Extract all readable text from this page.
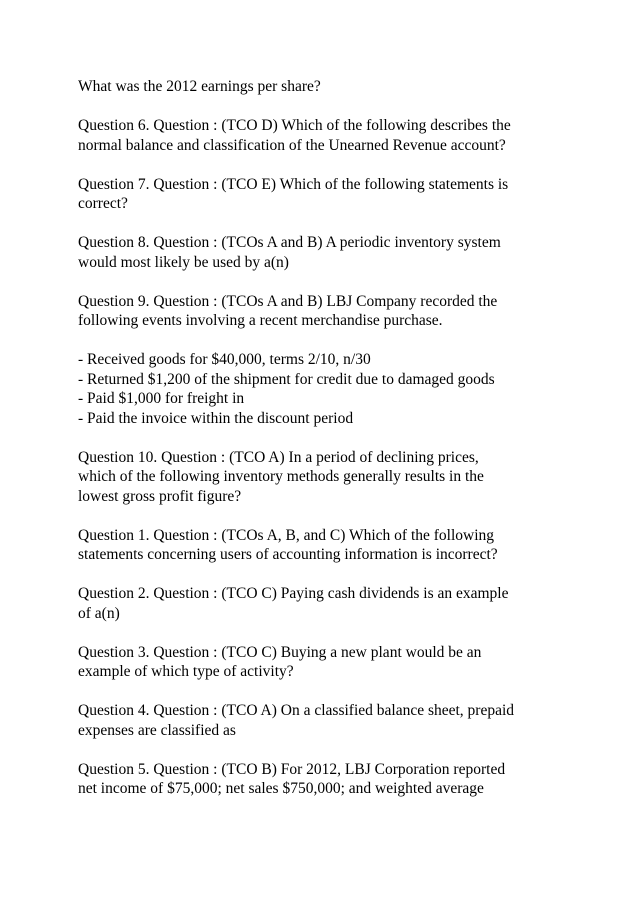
What was the 2012 earnings per share?
Question 6. Question : (TCO D) Which of the following describes the
normal balance and classification of the Unearned Revenue account?
Question 7. Question : (TCO E) Which of the following statements is
correct?
Question 8. Question : (TCOs A and B) A periodic inventory system
would most likely be used by a(n)
Question 9. Question : (TCOs A and B) LBJ Company recorded the
following events involving a recent merchandise purchase.
- Received goods for $40,000, terms 2/10, n/30
- Returned $1,200 of the shipment for credit due to damaged goods
- Paid $1,000 for freight in
- Paid the invoice within the discount period
Question 10. Question : (TCO A) In a period of declining prices,
which of the following inventory methods generally results in the
lowest gross profit figure?
Question 1. Question : (TCOs A, B, and C) Which of the following
statements concerning users of accounting information is incorrect?
Question 2. Question : (TCO C) Paying cash dividends is an example
of a(n)
Question 3. Question : (TCO C) Buying a new plant would be an
example of which type of activity?
Question 4. Question : (TCO A) On a classified balance sheet, prepaid
expenses are classified as
Question 5. Question : (TCO B) For 2012, LBJ Corporation reported
net income of $75,000; net sales $750,000; and weighted average
